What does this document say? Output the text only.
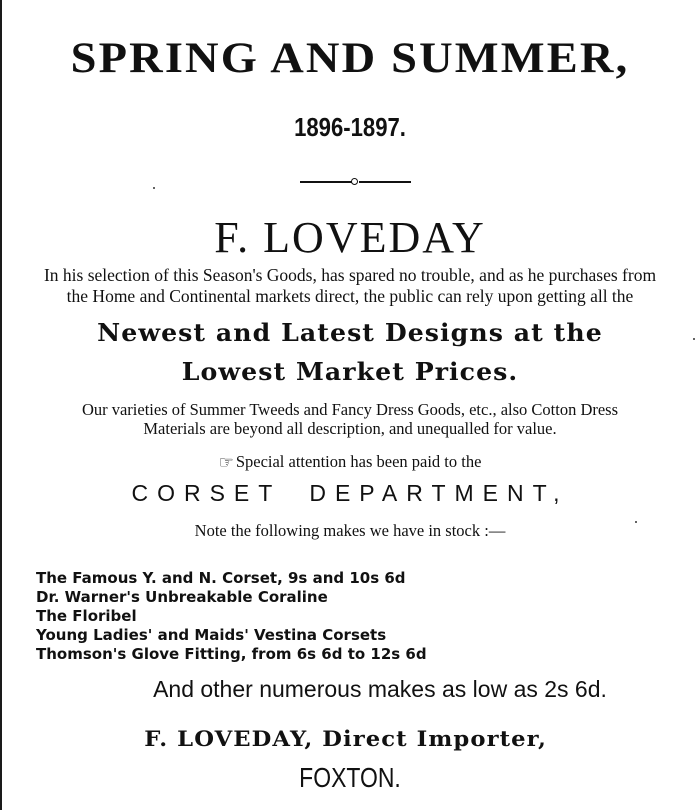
SPRING AND SUMMER,
1896-1897.
F. LOVEDAY
In his selection of this Season's Goods, has spared no trouble, and as he purchases from
the Home and Continental markets direct, the public can rely upon getting all the
Newest and Latest Designs at the
Lowest Market Prices.
Our varieties of Summer Tweeds and Fancy Dress Goods, etc., also Cotton Dress
Materials are beyond all description, and unequalled for value.
☞ Special attention has been paid to the
CORSET DEPARTMENT,
Note the following makes we have in stock :—
The Famous Y. and N. Corset, 9s and 10s 6d
Dr. Warner's Unbreakable Coraline
The Floribel
Young Ladies' and Maids' Vestina Corsets
Thomson's Glove Fitting, from 6s 6d to 12s 6d
And other numerous makes as low as 2s 6d.
F. LOVEDAY, Direct Importer,
FOXTON.
